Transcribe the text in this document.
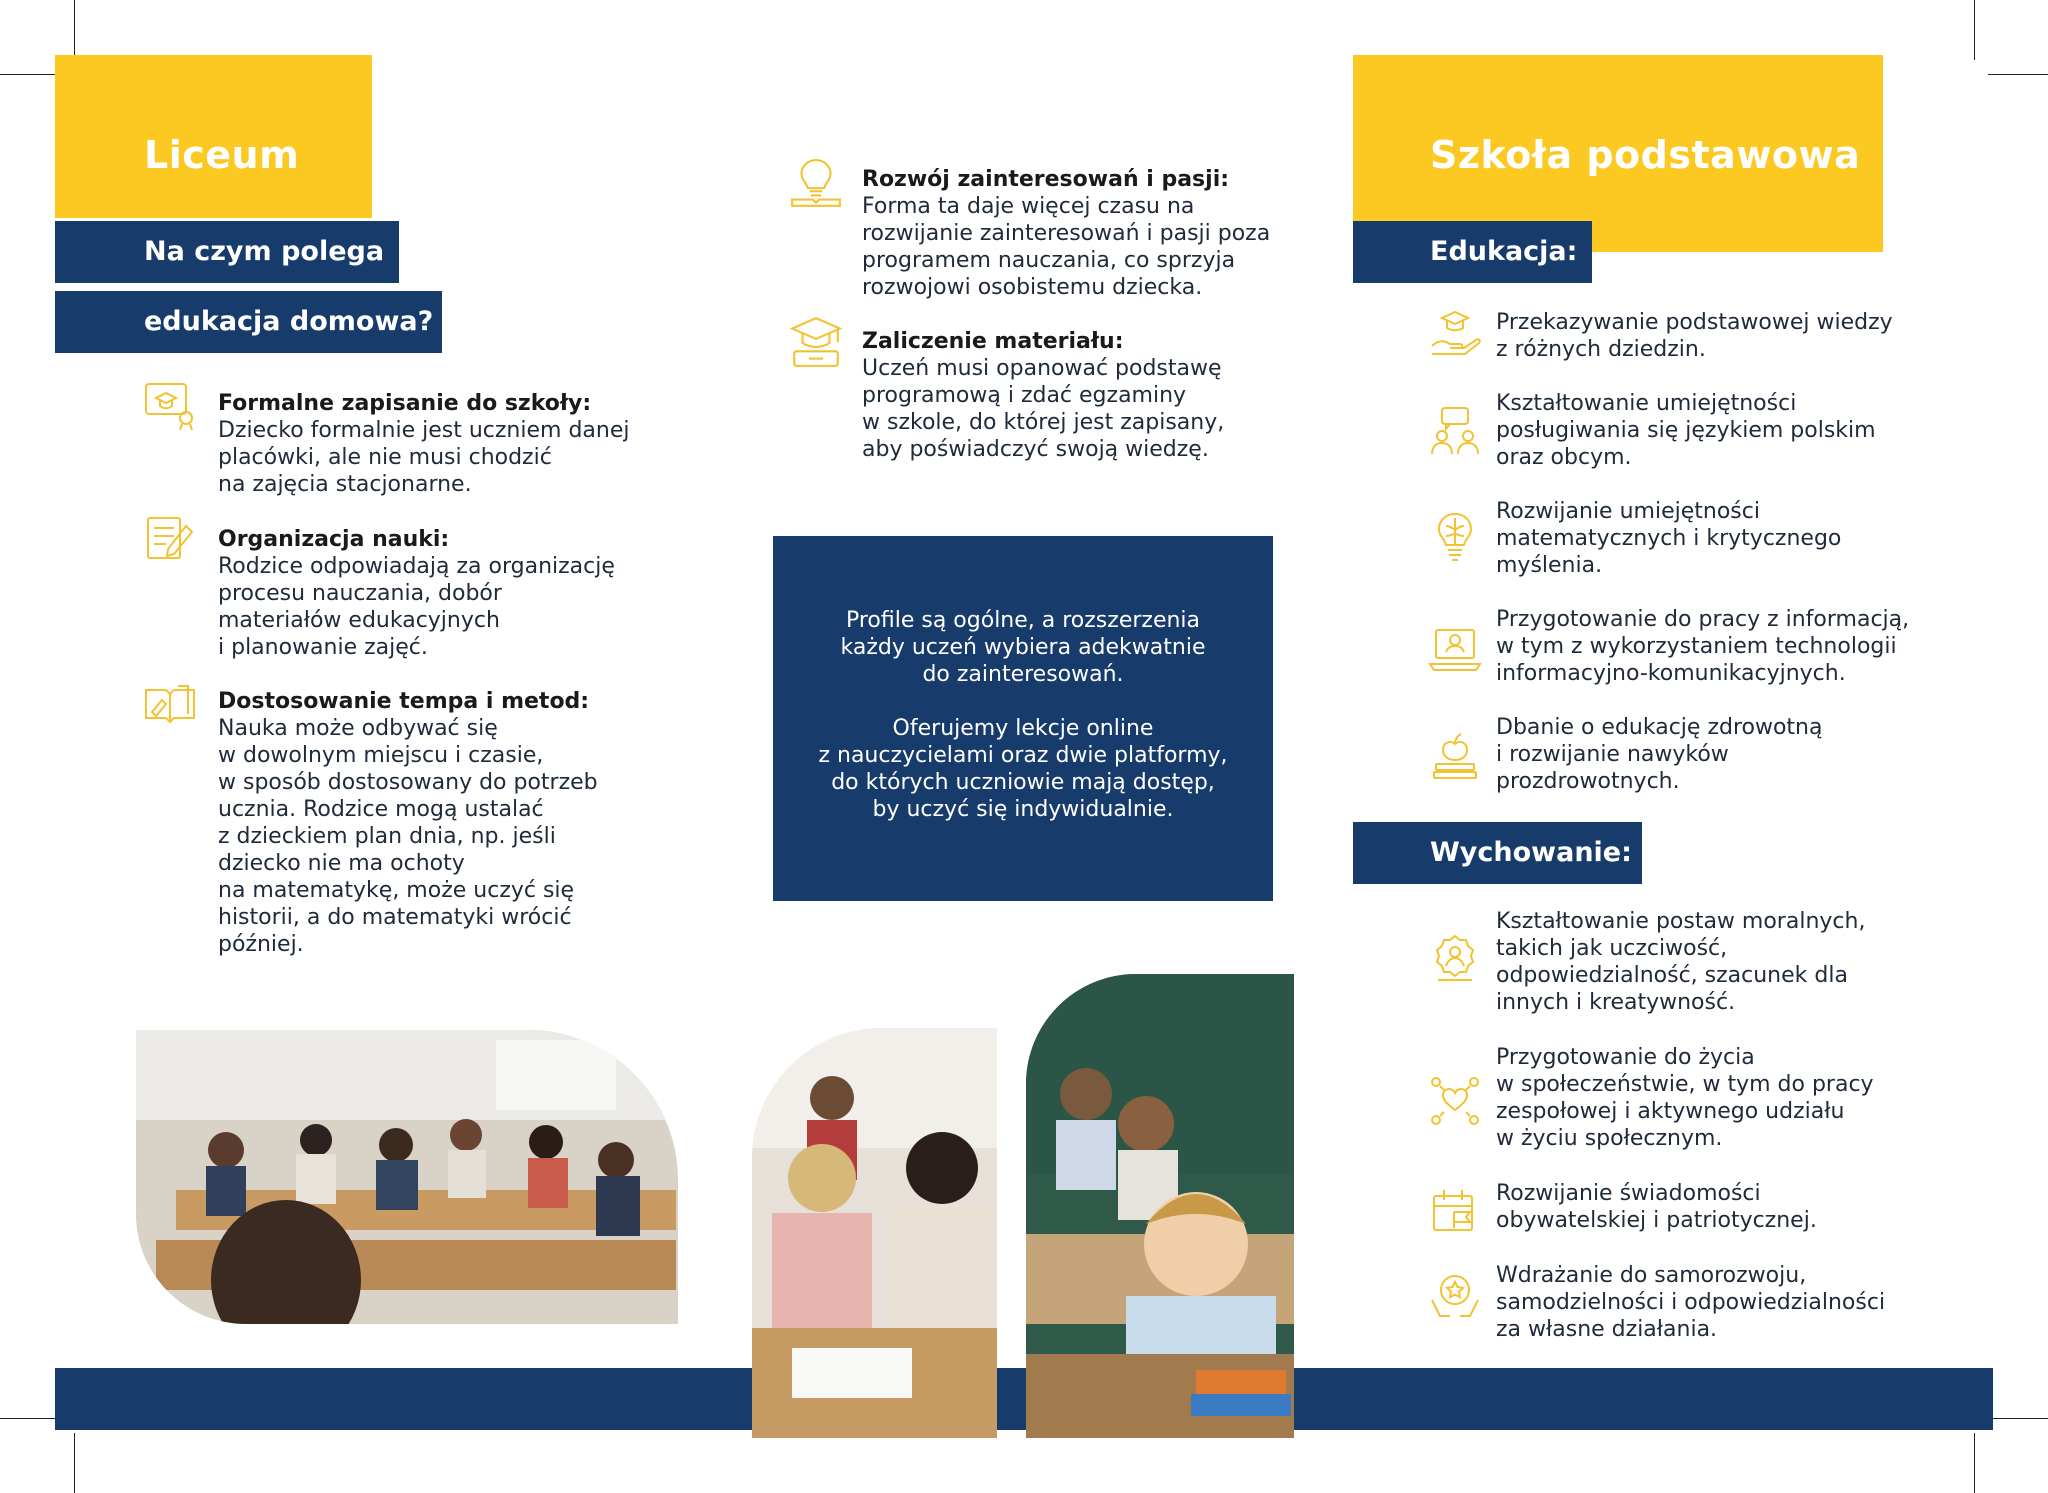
Liceum
Na czym polega
edukacja domowa?
Formalne zapisanie do szkoły:
Dziecko formalnie jest uczniem danej
placówki, ale nie musi chodzić
na zajęcia stacjonarne.
Organizacja nauki:
Rodzice odpowiadają za organizację
procesu nauczania, dobór
materiałów edukacyjnych
i planowanie zajęć.
Dostosowanie tempa i metod:
Nauka może odbywać się
w dowolnym miejscu i czasie,
w sposób dostosowany do potrzeb
ucznia. Rodzice mogą ustalać
z dzieckiem plan dnia, np. jeśli
dziecko nie ma ochoty
na matematykę, może uczyć się
historii, a do matematyki wrócić
później.
Rozwój zainteresowań i pasji:
Forma ta daje więcej czasu na
rozwijanie zainteresowań i pasji poza
programem nauczania, co sprzyja
rozwojowi osobistemu dziecka.
Zaliczenie materiału:
Uczeń musi opanować podstawę
programową i zdać egzaminy
w szkole, do której jest zapisany,
aby poświadczyć swoją wiedzę.
Profile są ogólne, a rozszerzenia
każdy uczeń wybiera adekwatnie
do zainteresowań.
Oferujemy lekcje online
z nauczycielami oraz dwie platformy,
do których uczniowie mają dostęp,
by uczyć się indywidualnie.
Szkoła podstawowa
Edukacja:
Przekazywanie podstawowej wiedzy
z różnych dziedzin.
Kształtowanie umiejętności
posługiwania się językiem polskim
oraz obcym.
Rozwijanie umiejętności
matematycznych i krytycznego
myślenia.
Przygotowanie do pracy z informacją,
w tym z wykorzystaniem technologii
informacyjno-komunikacyjnych.
Dbanie o edukację zdrowotną
i rozwijanie nawyków
prozdrowotnych.
Wychowanie:
Kształtowanie postaw moralnych,
takich jak uczciwość,
odpowiedzialność, szacunek dla
innych i kreatywność.
Przygotowanie do życia
w społeczeństwie, w tym do pracy
zespołowej i aktywnego udziału
w życiu społecznym.
Rozwijanie świadomości
obywatelskiej i patriotycznej.
Wdrażanie do samorozwoju,
samodzielności i odpowiedzialności
za własne działania.
